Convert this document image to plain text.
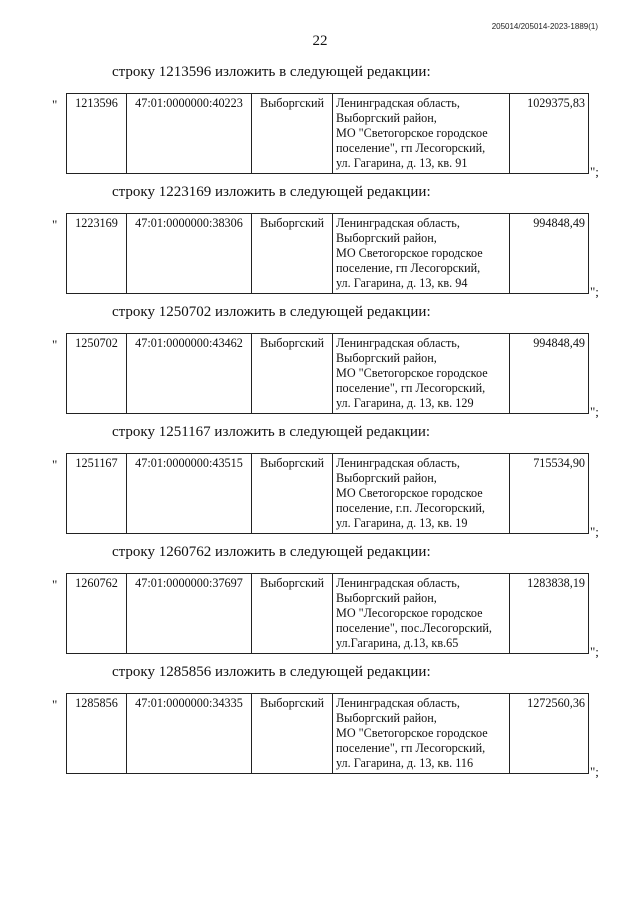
205014/205014-2023-1889(1)
22
строку 1213596 изложить в следующей редакции:
" 1213596	47:01:0000000:40223	Выборгский	Ленинградская область,
Выборгский район,
МО "Светогорское городское
поселение", гп Лесогорский,
ул. Гагарина, д. 13, кв. 91
	1029375,83
";
строку 1223169 изложить в следующей редакции:
" 1223169	47:01:0000000:38306	Выборгский	Ленинградская область,
Выборгский район,
МО Светогорское городское
поселение, гп Лесогорский,
ул. Гагарина, д. 13, кв. 94
	994848,49
";
строку 1250702 изложить в следующей редакции:
" 1250702	47:01:0000000:43462	Выборгский	Ленинградская область,
Выборгский район,
МО "Светогорское городское
поселение", гп Лесогорский,
ул. Гагарина, д. 13, кв. 129
	994848,49
";
строку 1251167 изложить в следующей редакции:
" 1251167	47:01:0000000:43515	Выборгский	Ленинградская область,
Выборгский район,
МО Светогорское городское
поселение, г.п. Лесогорский,
ул. Гагарина, д. 13, кв. 19
	715534,90
";
строку 1260762 изложить в следующей редакции:
" 1260762	47:01:0000000:37697	Выборгский	Ленинградская область,
Выборгский район,
МО "Лесогорское городское
поселение", пос.Лесогорский,
ул.Гагарина, д.13, кв.65
	1283838,19
";
строку 1285856 изложить в следующей редакции:
" 1285856	47:01:0000000:34335	Выборгский	Ленинградская область,
Выборгский район,
МО "Светогорское городское
поселение", гп Лесогорский,
ул. Гагарина, д. 13, кв. 116
	1272560,36
";
